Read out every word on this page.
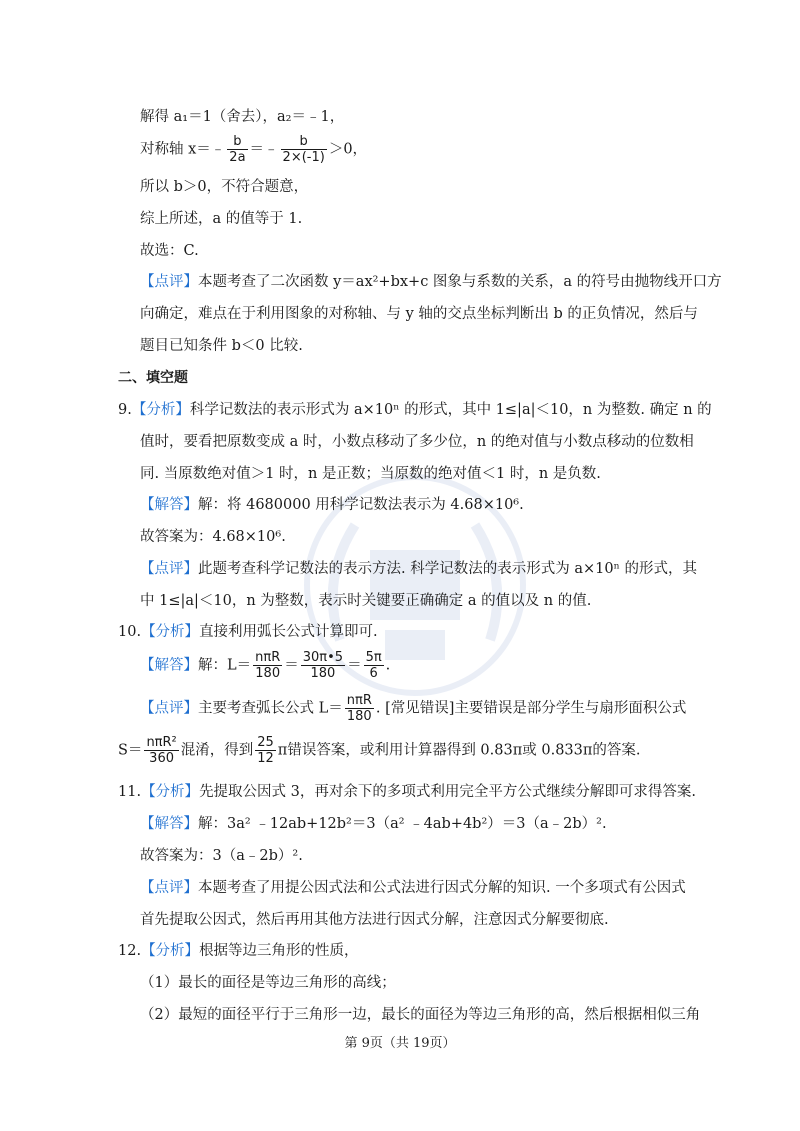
解得 a₁＝1（舍去），a₂＝﹣1，
对称轴 x＝﹣ $\frac{b}{2a}$ ＝﹣ $\frac{b}{2\times(-1)} >0$，
所以 b＞0，不符合题意，
综上所述，a 的值等于 1.
故选：C.
【点评】本题考查了二次函数 y＝ax²+bx+c 图象与系数的关系，a 的符号由抛物线开口方
向确定，难点在于利用图象的对称轴、与 y 轴的交点坐标判断出 b 的正负情况，然后与
题目已知条件 b＜0 比较.
二、填空题
9.【分析】科学记数法的表示形式为 a×10ⁿ 的形式，其中 1≤|a|＜10，n 为整数. 确定 n 的
值时，要看把原数变成 a 时，小数点移动了多少位，n 的绝对值与小数点移动的位数相
同. 当原数绝对值＞1 时，n 是正数；当原数的绝对值＜1 时，n 是负数.
【解答】解：将 4680000 用科学记数法表示为 4.68×10⁶.
故答案为：4.68×10⁶.
【点评】此题考查科学记数法的表示方法. 科学记数法的表示形式为 a×10ⁿ 的形式，其
中 1≤|a|＜10，n 为整数，表示时关键要正确确定 a 的值以及 n 的值.
10.【分析】直接利用弧长公式计算即可.
【解答】解：$L= \frac{\text{nπR}}{180} = \frac{30\pi•5}{180} = \frac{5\pi}{6}$ .
【点评】主要考查弧长公式 $L= \frac{\text{nπR}}{180}$ . [常见错误]主要错误是部分学生与扇形面积公式
$S= \frac{\text{nπR²}}{360}$ 混淆，得到 $\frac{25}{12}$ π错误答案，或利用计算器得到 0.83π或 0.833π的答案.
11.【分析】先提取公因式 3，再对余下的多项式利用完全平方公式继续分解即可求得答案.
【解答】解：3a² ﹣12ab+12b²＝3（a² ﹣4ab+4b²）＝3（a﹣2b）².
故答案为：3（a﹣2b）².
【点评】本题考查了用提公因式法和公式法进行因式分解的知识. 一个多项式有公因式
首先提取公因式，然后再用其他方法进行因式分解，注意因式分解要彻底.
12.【分析】根据等边三角形的性质，
（1）最长的面径是等边三角形的高线；
（2）最短的面径平行于三角形一边，最长的面径为等边三角形的高，然后根据相似三角
第 9页（共 19页）
